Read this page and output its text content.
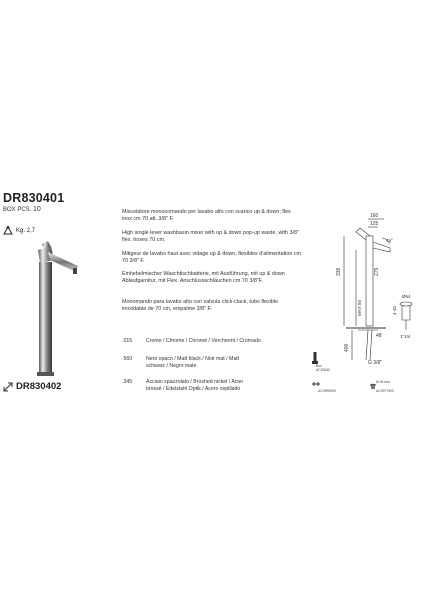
DR830401
BOX PCS. 10
Kg. 2,7
Miscelatore monocomando per lavabo alto con scarico up & down; flex inox cm 70 att. 3/8" F.
High single lever washbasin mixer with up & down pop-up waste, with 3/8" flex. hoses 70 cm.
Mitigeur de lavabo haut avec vidage up & down, flexibles d'alimentation cm 70 3/8" F.
Einhebelmischer Waschtischbatterie, mit Ausführung, mit up & down Ablaufgarnitur, mit Flex. Anschlussschläuchen cm 70 3/8"F.
Monomando para lavabo alto con valvula click-clack, tubo flexible inoxidable de 70 cm, empalme 3/8" F.
160
125
45°
336	275
MAX 50
400
48
G 3/8"
Ø64
4-45
1"1/4
.015	Cromo / Chrome / Chromé / Verchromt / Cromado
.560	Nero opaco / Matt black / Noir mat / Matt schwarz / Negro mate
.345	Acciaio spazzolato / Brushed nickel / Acier brossé / Edelstahl Optik / Acero cepillado
Box
AC00440
AC0990000
Ø 26 mm
AC0977000
DR830402
